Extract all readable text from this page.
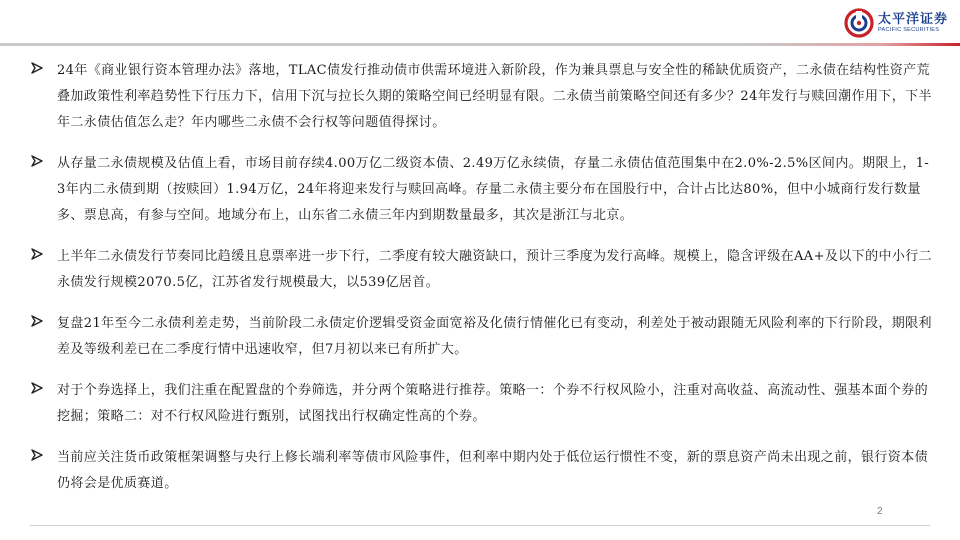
太平洋证券
PACIFIC SECURITIES
24年《商业银行资本管理办法》落地，TLAC债发行推动债市供需环境进入新阶段，作为兼具票息与安全性的稀缺优质资产，二永债在结构性资产荒叠加政策性利率趋势性下行压力下，信用下沉与拉长久期的策略空间已经明显有限。二永债当前策略空间还有多少？24年发行与赎回潮作用下，下半年二永债估值怎么走？年内哪些二永债不会行权等问题值得探讨。
从存量二永债规模及估值上看，市场目前存续4.00万亿二级资本债、2.49万亿永续债，存量二永债估值范围集中在2.0%-2.5%区间内。期限上，1-3年内二永债到期（按赎回）1.94万亿，24年将迎来发行与赎回高峰。存量二永债主要分布在国股行中，合计占比达80%，但中小城商行发行数量多、票息高，有参与空间。地域分布上，山东省二永债三年内到期数量最多，其次是浙江与北京。
上半年二永债发行节奏同比趋缓且息票率进一步下行，二季度有较大融资缺口，预计三季度为发行高峰。规模上，隐含评级在AA+及以下的中小行二永债发行规模2070.5亿，江苏省发行规模最大，以539亿居首。
复盘21年至今二永债利差走势，当前阶段二永债定价逻辑受资金面宽裕及化债行情催化已有变动，利差处于被动跟随无风险利率的下行阶段，期限利差及等级利差已在二季度行情中迅速收窄，但7月初以来已有所扩大。
对于个券选择上，我们注重在配置盘的个券筛选，并分两个策略进行推荐。策略一：个券不行权风险小，注重对高收益、高流动性、强基本面个券的挖掘；策略二：对不行权风险进行甄别，试图找出行权确定性高的个券。
当前应关注货币政策框架调整与央行上修长端利率等债市风险事件，但利率中期内处于低位运行惯性不变，新的票息资产尚未出现之前，银行资本债仍将会是优质赛道。
2
